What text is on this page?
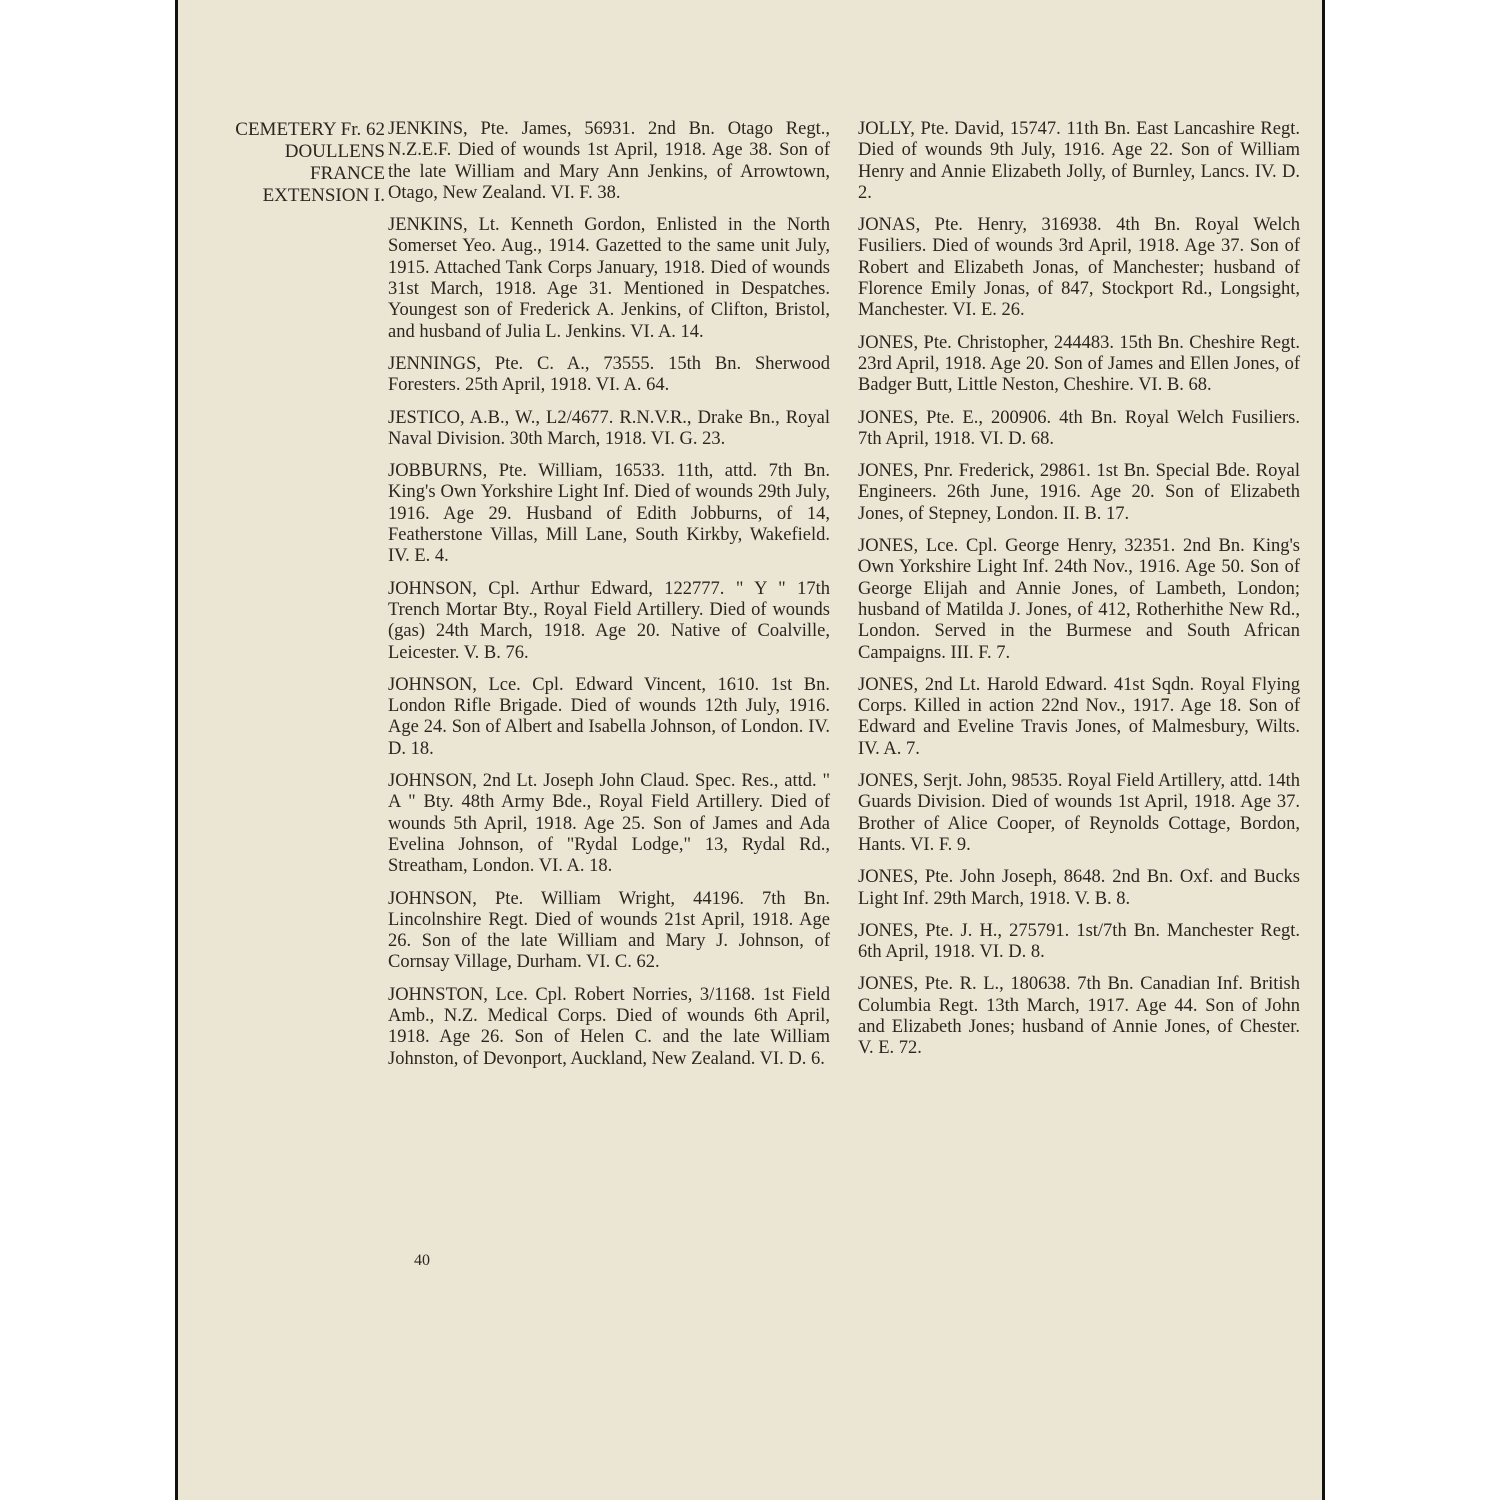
CEMETERY Fr. 62
DOULLENS
FRANCE
EXTENSION I.

JENKINS, Pte. James, 56931. 2nd Bn. Otago Regt., N.Z.E.F. Died of wounds 1st April, 1918. Age 38. Son of the late William and Mary Ann Jenkins, of Arrowtown, Otago, New Zealand. VI. F. 38.

JENKINS, Lt. Kenneth Gordon, Enlisted in the North Somerset Yeo. Aug., 1914. Gazetted to the same unit July, 1915. Attached Tank Corps January, 1918. Died of wounds 31st March, 1918. Age 31. Mentioned in Despatches. Youngest son of Frederick A. Jenkins, of Clifton, Bristol, and husband of Julia L. Jenkins. VI. A. 14.

JENNINGS, Pte. C. A., 73555. 15th Bn. Sherwood Foresters. 25th April, 1918. VI. A. 64.

JESTICO, A.B., W., L2/4677. R.N.V.R., Drake Bn., Royal Naval Division. 30th March, 1918. VI. G. 23.

JOBBURNS, Pte. William, 16533. 11th, attd. 7th Bn. King's Own Yorkshire Light Inf. Died of wounds 29th July, 1916. Age 29. Husband of Edith Jobburns, of 14, Featherstone Villas, Mill Lane, South Kirkby, Wakefield. IV. E. 4.

JOHNSON, Cpl. Arthur Edward, 122777. " Y " 17th Trench Mortar Bty., Royal Field Artillery. Died of wounds (gas) 24th March, 1918. Age 20. Native of Coalville, Leicester. V. B. 76.

JOHNSON, Lce. Cpl. Edward Vincent, 1610. 1st Bn. London Rifle Brigade. Died of wounds 12th July, 1916. Age 24. Son of Albert and Isabella Johnson, of London. IV. D. 18.

JOHNSON, 2nd Lt. Joseph John Claud. Spec. Res., attd. " A " Bty. 48th Army Bde., Royal Field Artillery. Died of wounds 5th April, 1918. Age 25. Son of James and Ada Evelina Johnson, of "Rydal Lodge," 13, Rydal Rd., Streatham, London. VI. A. 18.

JOHNSON, Pte. William Wright, 44196. 7th Bn. Lincolnshire Regt. Died of wounds 21st April, 1918. Age 26. Son of the late William and Mary J. Johnson, of Cornsay Village, Durham. VI. C. 62.

JOHNSTON, Lce. Cpl. Robert Norries, 3/1168. 1st Field Amb., N.Z. Medical Corps. Died of wounds 6th April, 1918. Age 26. Son of Helen C. and the late William Johnston, of Devonport, Auckland, New Zealand. VI. D. 6.

JOLLY, Pte. David, 15747. 11th Bn. East Lancashire Regt. Died of wounds 9th July, 1916. Age 22. Son of William Henry and Annie Elizabeth Jolly, of Burnley, Lancs. IV. D. 2.

JONAS, Pte. Henry, 316938. 4th Bn. Royal Welch Fusiliers. Died of wounds 3rd April, 1918. Age 37. Son of Robert and Elizabeth Jonas, of Manchester; husband of Florence Emily Jonas, of 847, Stockport Rd., Longsight, Manchester. VI. E. 26.

JONES, Pte. Christopher, 244483. 15th Bn. Cheshire Regt. 23rd April, 1918. Age 20. Son of James and Ellen Jones, of Badger Butt, Little Neston, Cheshire. VI. B. 68.

JONES, Pte. E., 200906. 4th Bn. Royal Welch Fusiliers. 7th April, 1918. VI. D. 68.

JONES, Pnr. Frederick, 29861. 1st Bn. Special Bde. Royal Engineers. 26th June, 1916. Age 20. Son of Elizabeth Jones, of Stepney, London. II. B. 17.

JONES, Lce. Cpl. George Henry, 32351. 2nd Bn. King's Own Yorkshire Light Inf. 24th Nov., 1916. Age 50. Son of George Elijah and Annie Jones, of Lambeth, London; husband of Matilda J. Jones, of 412, Rotherhithe New Rd., London. Served in the Burmese and South African Campaigns. III. F. 7.

JONES, 2nd Lt. Harold Edward. 41st Sqdn. Royal Flying Corps. Killed in action 22nd Nov., 1917. Age 18. Son of Edward and Eveline Travis Jones, of Malmesbury, Wilts. IV. A. 7.

JONES, Serjt. John, 98535. Royal Field Artillery, attd. 14th Guards Division. Died of wounds 1st April, 1918. Age 37. Brother of Alice Cooper, of Reynolds Cottage, Bordon, Hants. VI. F. 9.

JONES, Pte. John Joseph, 8648. 2nd Bn. Oxf. and Bucks Light Inf. 29th March, 1918. V. B. 8.

JONES, Pte. J. H., 275791. 1st/7th Bn. Manchester Regt. 6th April, 1918. VI. D. 8.

JONES, Pte. R. L., 180638. 7th Bn. Canadian Inf. British Columbia Regt. 13th March, 1917. Age 44. Son of John and Elizabeth Jones; husband of Annie Jones, of Chester. V. E. 72.

40
